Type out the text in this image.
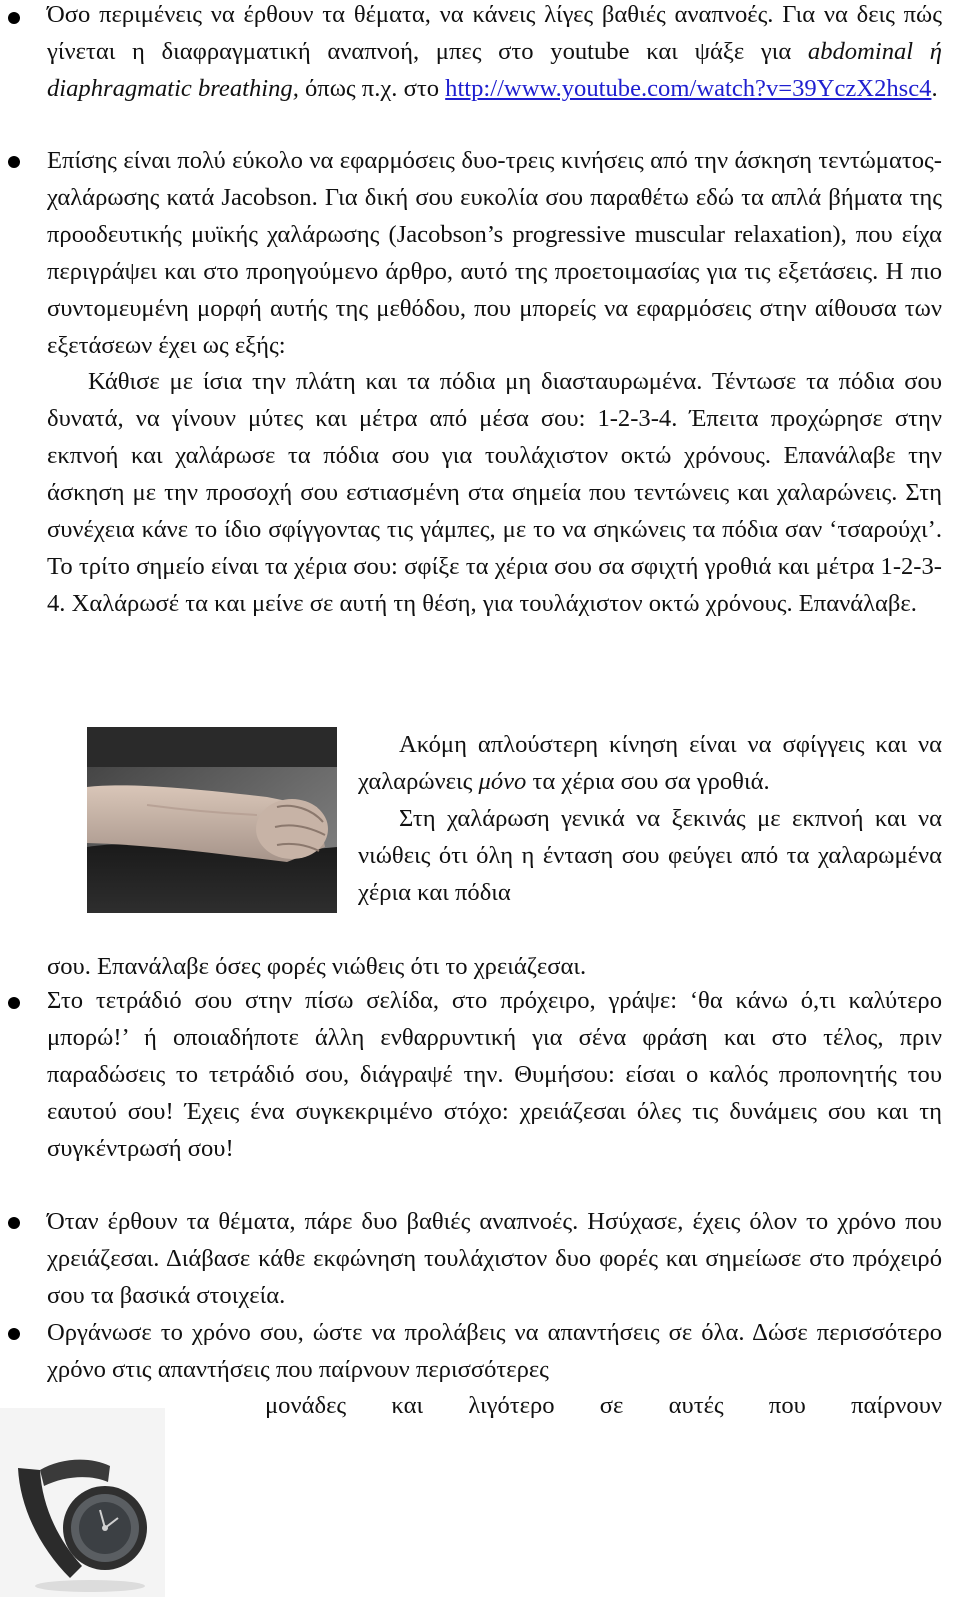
Όσο περιμένεις να έρθουν τα θέματα, να κάνεις λίγες βαθιές αναπνοές. Για να δεις πώς γίνεται η διαφραγματική αναπνοή, μπες στο youtube και ψάξε για abdominal ή diaphragmatic breathing, όπως π.χ. στο http://www.youtube.com/watch?v=39YczX2hsc4.

Επίσης είναι πολύ εύκολο να εφαρμόσεις δυο-τρεις κινήσεις από την άσκηση τεντώματος-χαλάρωσης κατά Jacobson. Για δική σου ευκολία σου παραθέτω εδώ τα απλά βήματα της προοδευτικής μυϊκής χαλάρωσης (Jacobson’s progressive muscular relaxation), που είχα περιγράψει και στο προηγούμενο άρθρο, αυτό της προετοιμασίας για τις εξετάσεις. Η πιο συντομευμένη μορφή αυτής της μεθόδου, που μπορείς να εφαρμόσεις στην αίθουσα των εξετάσεων έχει ως εξής:

Κάθισε με ίσια την πλάτη και τα πόδια μη διασταυρωμένα. Τέντωσε τα πόδια σου δυνατά, να γίνουν μύτες και μέτρα από μέσα σου: 1-2-3-4. Έπειτα προχώρησε στην εκπνοή και χαλάρωσε τα πόδια σου για τουλάχιστον οκτώ χρόνους. Επανάλαβε την άσκηση με την προσοχή σου εστιασμένη στα σημεία που τεντώνεις και χαλαρώνεις. Στη συνέχεια κάνε το ίδιο σφίγγοντας τις γάμπες, με το να σηκώνεις τα πόδια σαν ‘τσαρούχι’. Το τρίτο σημείο είναι τα χέρια σου: σφίξε τα χέρια σου σα σφιχτή γροθιά και μέτρα 1-2-3-4. Χαλάρωσέ τα και μείνε σε αυτή τη θέση, για τουλάχιστον οκτώ χρόνους. Επανάλαβε.

Ακόμη απλούστερη κίνηση είναι να σφίγγεις και να χαλαρώνεις μόνο τα χέρια σου σα γροθιά.

Στη χαλάρωση γενικά να ξεκινάς με εκπνοή και να νιώθεις ότι όλη η ένταση σου φεύγει από τα χαλαρωμένα χέρια και πόδια

σου. Επανάλαβε όσες φορές νιώθεις ότι το χρειάζεσαι.
Στο τετράδιό σου στην πίσω σελίδα, στο πρόχειρο, γράψε: ‘θα κάνω ό,τι καλύτερο μπορώ!’ ή οποιαδήποτε άλλη ενθαρρυντική για σένα φράση και στο τέλος, πριν παραδώσεις το τετράδιό σου, διάγραψέ την. Θυμήσου: είσαι ο καλός προπονητής του εαυτού σου! Έχεις ένα συγκεκριμένο στόχο: χρειάζεσαι όλες τις δυνάμεις σου και τη συγκέντρωσή σου!
Όταν έρθουν τα θέματα, πάρε δυο βαθιές αναπνοές. Ησύχασε, έχεις όλον το χρόνο που χρειάζεσαι. Διάβασε κάθε εκφώνηση τουλάχιστον δυο φορές και σημείωσε στο πρόχειρό σου τα βασικά στοιχεία.
Οργάνωσε το χρόνο σου, ώστε να προλάβεις να απαντήσεις σε όλα. Δώσε περισσότερο χρόνο στις απαντήσεις που παίρνουν περισσότερες
μονάδες και λιγότερο σε αυτές που παίρνουν
